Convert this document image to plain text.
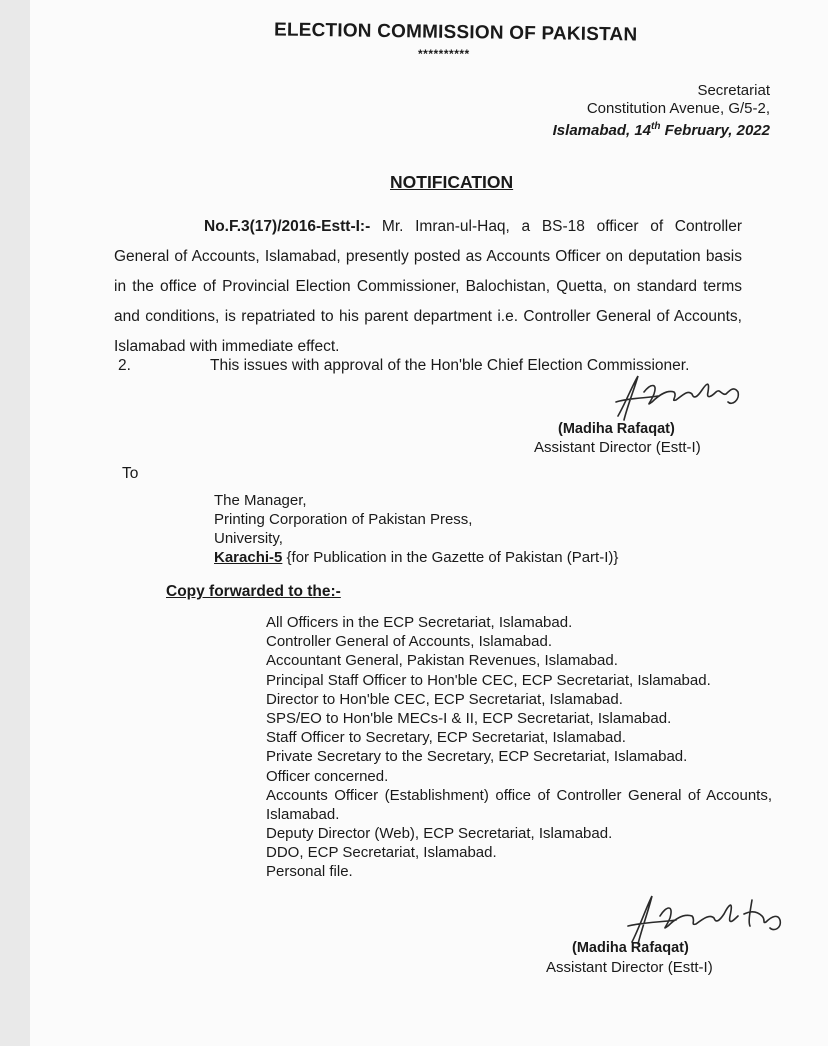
ELECTION COMMISSION OF PAKISTAN
**********
Secretariat
Constitution Avenue, G/5-2,
Islamabad, 14th February, 2022
NOTIFICATION
No.F.3(17)/2016-Estt-I:- Mr. Imran-ul-Haq, a BS-18 officer of Controller General of Accounts, Islamabad, presently posted as Accounts Officer on deputation basis in the office of Provincial Election Commissioner, Balochistan, Quetta, on standard terms and conditions, is repatriated to his parent department i.e. Controller General of Accounts, Islamabad with immediate effect.
2.	This issues with approval of the Hon'ble Chief Election Commissioner.
(Madiha Rafaqat)
Assistant Director (Estt-I)
To
The Manager,
Printing Corporation of Pakistan Press,
University,
Karachi-5 {for Publication in the Gazette of Pakistan (Part-I)}
Copy forwarded to the:-
All Officers in the ECP Secretariat, Islamabad.
Controller General of Accounts, Islamabad.
Accountant General, Pakistan Revenues, Islamabad.
Principal Staff Officer to Hon'ble CEC, ECP Secretariat, Islamabad.
Director to Hon'ble CEC, ECP Secretariat, Islamabad.
SPS/EO to Hon'ble MECs-I & II, ECP Secretariat, Islamabad.
Staff Officer to Secretary, ECP Secretariat, Islamabad.
Private Secretary to the Secretary, ECP Secretariat, Islamabad.
Officer concerned.
Accounts Officer (Establishment) office of Controller General of Accounts, Islamabad.
Deputy Director (Web), ECP Secretariat, Islamabad.
DDO, ECP Secretariat, Islamabad.
Personal file.
(Madiha Rafaqat)
Assistant Director (Estt-I)
